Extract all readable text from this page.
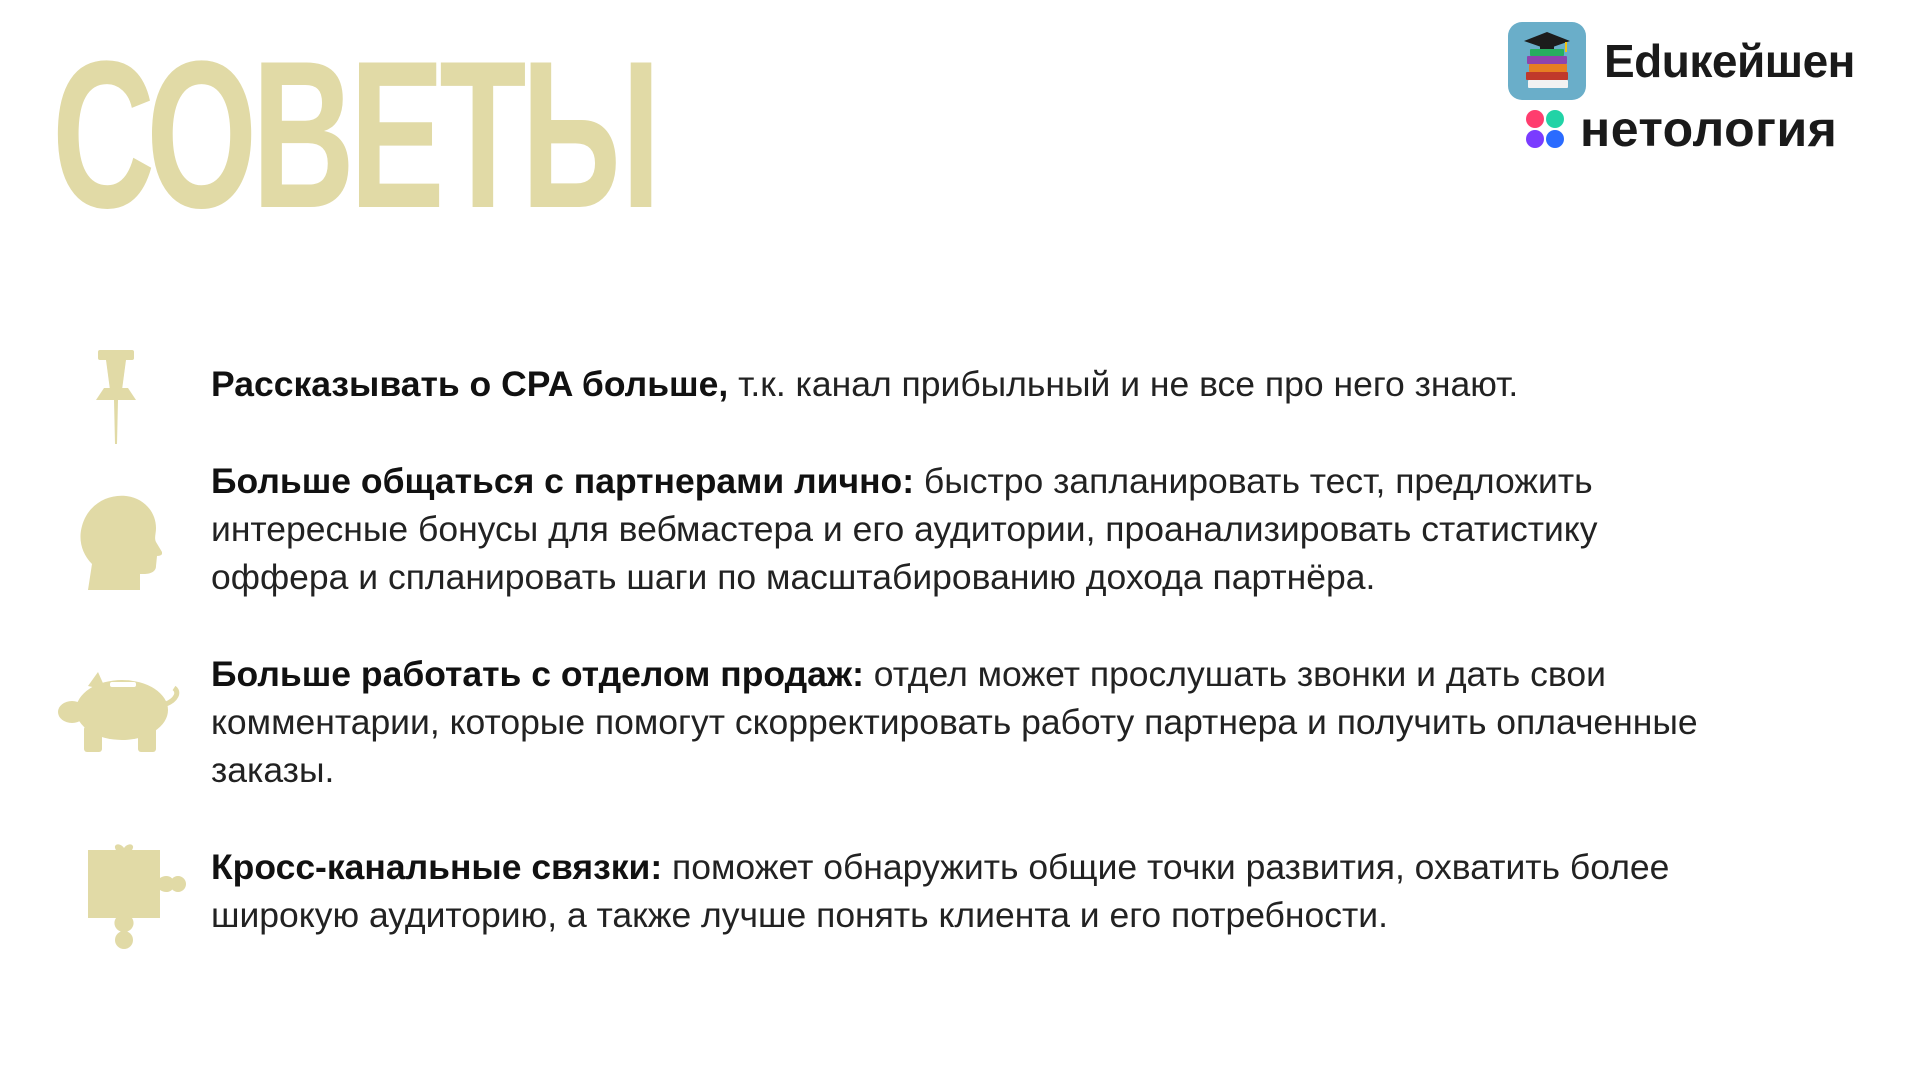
СОВЕТЫ	Eduкейшен
нетология

Рассказывать о CPA больше, т.к. канал прибыльный и не все про него знают.

Больше общаться с партнерами лично: быстро запланировать тест, предложить интересные бонусы для вебмастера и его аудитории, проанализировать статистику оффера и спланировать шаги по масштабированию дохода партнёра.

Больше работать с отделом продаж: отдел может прослушать звонки и дать свои комментарии, которые помогут скорректировать работу партнера и получить оплаченные заказы.

Кросс-канальные связки: поможет обнаружить общие точки развития, охватить более широкую аудиторию, а также лучше понять клиента и его потребности.
